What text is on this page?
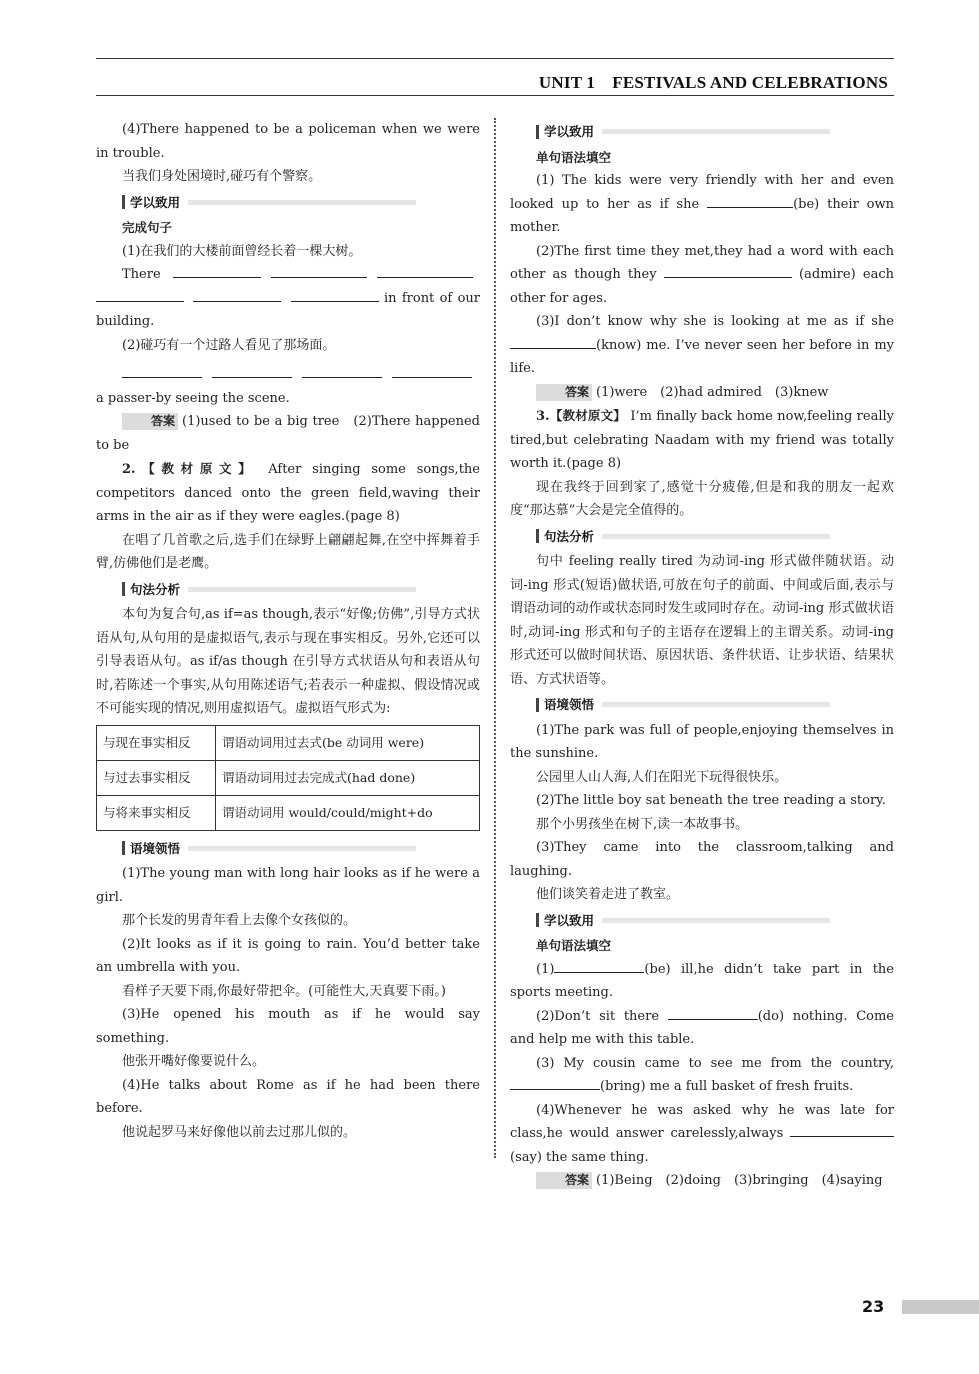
UNIT 1　FESTIVALS AND CELEBRATIONS

(4)There happened to be a policeman when we were in trouble.

当我们身处困境时,碰巧有个警察。

学以致用
完成句子

(1)在我们的大楼前面曾经长着一棵大树。

There

in front of our building.

(2)碰巧有一个过路人看见了那场面。

a passer-by seeing the scene.

答案 (1)used to be a big tree　(2)There happened to be

2.【教材原文】 After singing some songs,the competitors danced onto the green field,waving their arms in the air as if they were eagles.(page 8)

在唱了几首歌之后,选手们在绿野上翩翩起舞,在空中挥舞着手臂,仿佛他们是老鹰。

句法分析

本句为复合句,as if=as though,表示“好像;仿佛”,引导方式状语从句,从句用的是虚拟语气,表示与现在事实相反。另外,它还可以引导表语从句。as if/as though 在引导方式状语从句和表语从句时,若陈述一个事实,从句用陈述语气;若表示一种虚拟、假设情况或不可能实现的情况,则用虚拟语气。虚拟语气形式为:

与现在事实相反	谓语动词用过去式(be 动词用 were)
与过去事实相反	谓语动词用过去完成式(had done)
与将来事实相反	谓语动词用 would/could/might+do
语境领悟

(1)The young man with long hair looks as if he were a girl.

那个长发的男青年看上去像个女孩似的。

(2)It looks as if it is going to rain. You’d better take an umbrella with you.

看样子天要下雨,你最好带把伞。(可能性大,天真要下雨。)

(3)He opened his mouth as if he would say something.

他张开嘴好像要说什么。

(4)He talks about Rome as if he had been there before.

他说起罗马来好像他以前去过那儿似的。

学以致用
单句语法填空

(1) The kids were very friendly with her and even looked up to her as if she	(be) their own mother.

(2)The first time they met,they had a word with each other as though they	(admire) each other for ages.

(3)I don’t know why she is looking at me as if she (know) me. I’ve never seen her before in my life.

答案 (1)were　(2)had admired　(3)knew

3.【教材原文】 I’m finally back home now,feeling really tired,but celebrating Naadam with my friend was totally worth it.(page 8)

现在我终于回到家了,感觉十分疲倦,但是和我的朋友一起欢度“那达慕”大会是完全值得的。

句法分析

句中 feeling really tired 为动词-ing 形式做伴随状语。动词-ing 形式(短语)做状语,可放在句子的前面、中间或后面,表示与谓语动词的动作或状态同时发生或同时存在。动词-ing 形式做状语时,动词-ing 形式和句子的主语存在逻辑上的主谓关系。动词-ing 形式还可以做时间状语、原因状语、条件状语、让步状语、结果状语、方式状语等。

语境领悟

(1)The park was full of people,enjoying themselves in the sunshine.

公园里人山人海,人们在阳光下玩得很快乐。

(2)The little boy sat beneath the tree reading a story.

那个小男孩坐在树下,读一本故事书。

(3)They came into the classroom,talking and laughing.

他们谈笑着走进了教室。

学以致用
单句语法填空

(1)	(be) ill,he didn’t take part in the sports meeting.

(2)Don’t sit there	(do) nothing. Come and help me with this table.

(3) My cousin came to see me from the country, (bring) me a full basket of fresh fruits.

(4)Whenever he was asked why he was late for class,he would answer carelessly,always (say) the same thing.

答案 (1)Being　(2)doing　(3)bringing　(4)saying

23
